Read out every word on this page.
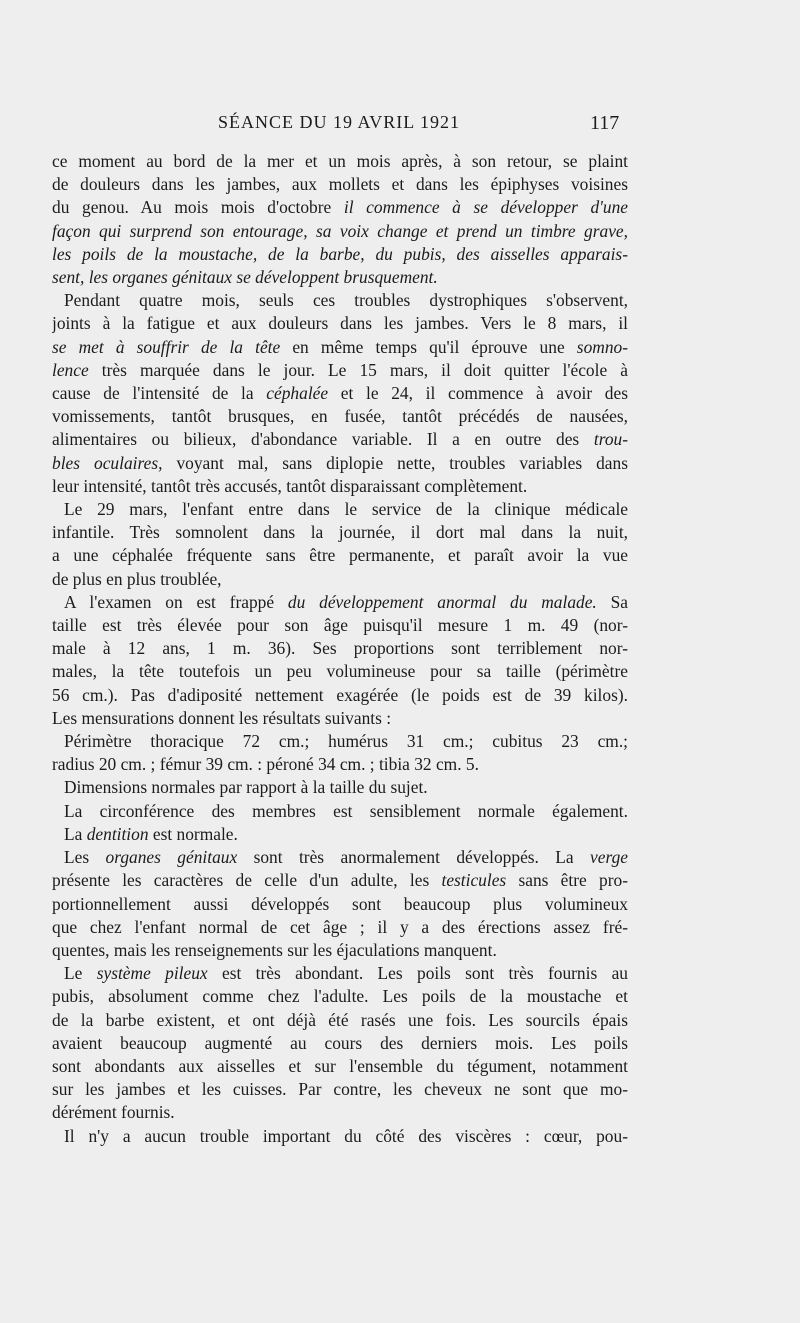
SÉANCE DU 19 AVRIL 1921	117
ce moment au bord de la mer et un mois après, à son retour, se plaint
de douleurs dans les jambes, aux mollets et dans les épiphyses voisines
du genou. Au mois mois d'octobre il commence à se développer d'une
façon qui surprend son entourage, sa voix change et prend un timbre grave,
les poils de la moustache, de la barbe, du pubis, des aisselles apparais-
sent, les organes génitaux se développent brusquement.
Pendant quatre mois, seuls ces troubles dystrophiques s'observent,
joints à la fatigue et aux douleurs dans les jambes. Vers le 8 mars, il
se met à souffrir de la tête en même temps qu'il éprouve une somno-
lence très marquée dans le jour. Le 15 mars, il doit quitter l'école à
cause de l'intensité de la céphalée et le 24, il commence à avoir des
vomissements, tantôt brusques, en fusée, tantôt précédés de nausées,
alimentaires ou bilieux, d'abondance variable. Il a en outre des trou-
bles oculaires, voyant mal, sans diplopie nette, troubles variables dans
leur intensité, tantôt très accusés, tantôt disparaissant complètement.
Le 29 mars, l'enfant entre dans le service de la clinique médicale
infantile. Très somnolent dans la journée, il dort mal dans la nuit,
a une céphalée fréquente sans être permanente, et paraît avoir la vue
de plus en plus troublée,
A l'examen on est frappé du développement anormal du malade. Sa
taille est très élevée pour son âge puisqu'il mesure 1 m. 49 (nor-
male à 12 ans, 1 m. 36). Ses proportions sont terriblement nor-
males, la tête toutefois un peu volumineuse pour sa taille (périmètre
56 cm.). Pas d'adiposité nettement exagérée (le poids est de 39 kilos).
Les mensurations donnent les résultats suivants :
Périmètre thoracique 72 cm.; humérus 31 cm.; cubitus 23 cm.;
radius 20 cm. ; fémur 39 cm. : péroné 34 cm. ; tibia 32 cm. 5.
Dimensions normales par rapport à la taille du sujet.
La circonférence des membres est sensiblement normale également.
La dentition est normale.
Les organes génitaux sont très anormalement développés. La verge
présente les caractères de celle d'un adulte, les testicules sans être pro-
portionnellement aussi développés sont beaucoup plus volumineux
que chez l'enfant normal de cet âge ; il y a des érections assez fré-
quentes, mais les renseignements sur les éjaculations manquent.
Le système pileux est très abondant. Les poils sont très fournis au
pubis, absolument comme chez l'adulte. Les poils de la moustache et
de la barbe existent, et ont déjà été rasés une fois. Les sourcils épais
avaient beaucoup augmenté au cours des derniers mois. Les poils
sont abondants aux aisselles et sur l'ensemble du tégument, notamment
sur les jambes et les cuisses. Par contre, les cheveux ne sont que mo-
dérément fournis.
Il n'y a aucun trouble important du côté des viscères : cœur, pou-
